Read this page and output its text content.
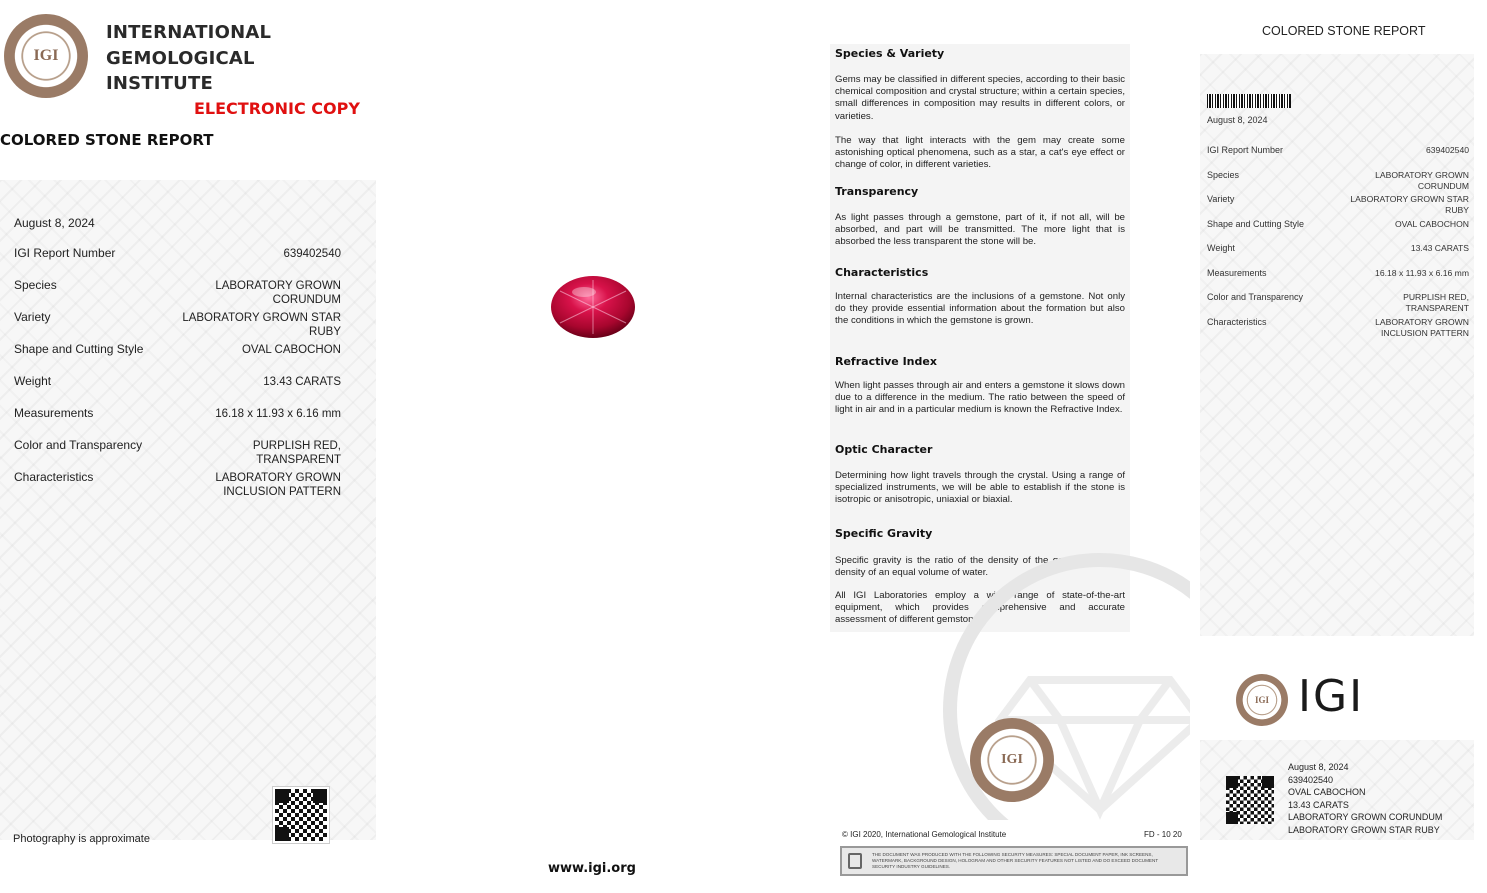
IGI
INTERNATIONAL
GEMOLOGICAL
INSTITUTE
ELECTRONIC COPY
COLORED STONE REPORT
August 8, 2024
IGI Report Number	639402540
Species	LABORATORY GROWN CORUNDUM
Variety	LABORATORY GROWN STAR RUBY
Shape and Cutting Style	OVAL CABOCHON
Weight	13.43 CARATS
Measurements	16.18 x 11.93 x 6.16 mm
Color and Transparency	PURPLISH RED, TRANSPARENT
Characteristics	LABORATORY GROWN INCLUSION PATTERN
Photography is approximate
www.igi.org
Species & Variety
Gems may be classified in different species, according to their basic chemical composition and crystal structure; within a certain species, small differences in composition may results in different colors, or varieties.
The way that light interacts with the gem may create some astonishing optical phenomena, such as a star, a cat's eye effect or change of color, in different varieties.
Transparency
As light passes through a gemstone, part of it, if not all, will be absorbed, and part will be transmitted. The more light that is absorbed the less transparent the stone will be.
Characteristics
Internal characteristics are the inclusions of a gemstone. Not only do they provide essential information about the formation but also the conditions in which the gemstone is grown.
Refractive Index
When light passes through air and enters a gemstone it slows down due to a difference in the medium. The ratio between the speed of light in air and in a particular medium is known the Refractive Index.
Optic Character
Determining how light travels through the crystal. Using a range of specialized instruments, we will be able to establish if the stone is isotropic or anisotropic, uniaxial or biaxial.
Specific Gravity
Specific gravity is the ratio of the density of the gemstone to the density of an equal volume of water.
All IGI Laboratories employ a wide range of state-of-the-art equipment, which provides comprehensive and accurate assessment of different gemstones.
IGI
© IGI 2020, International Gemological Institute	FD - 10 20
THE DOCUMENT WAS PRODUCED WITH THE FOLLOWING SECURITY MEASURES: SPECIAL DOCUMENT PAPER, INK SCREENS, WATERMARK, BACKGROUND DESIGN, HOLOGRAM AND OTHER SECURITY FEATURES NOT LISTED AND DO EXCEED DOCUMENT SECURITY INDUSTRY GUIDELINES.
COLORED STONE REPORT
August 8, 2024
IGI Report Number	639402540
Species	LABORATORY GROWN CORUNDUM
Variety	LABORATORY GROWN STAR RUBY
Shape and Cutting Style	OVAL CABOCHON
Weight	13.43 CARATS
Measurements	16.18 x 11.93 x 6.16 mm
Color and Transparency	PURPLISH RED, TRANSPARENT
Characteristics	LABORATORY GROWN INCLUSION PATTERN
IGI IGI
August 8, 2024
639402540
OVAL CABOCHON
13.43 CARATS
LABORATORY GROWN CORUNDUM
LABORATORY GROWN STAR RUBY
